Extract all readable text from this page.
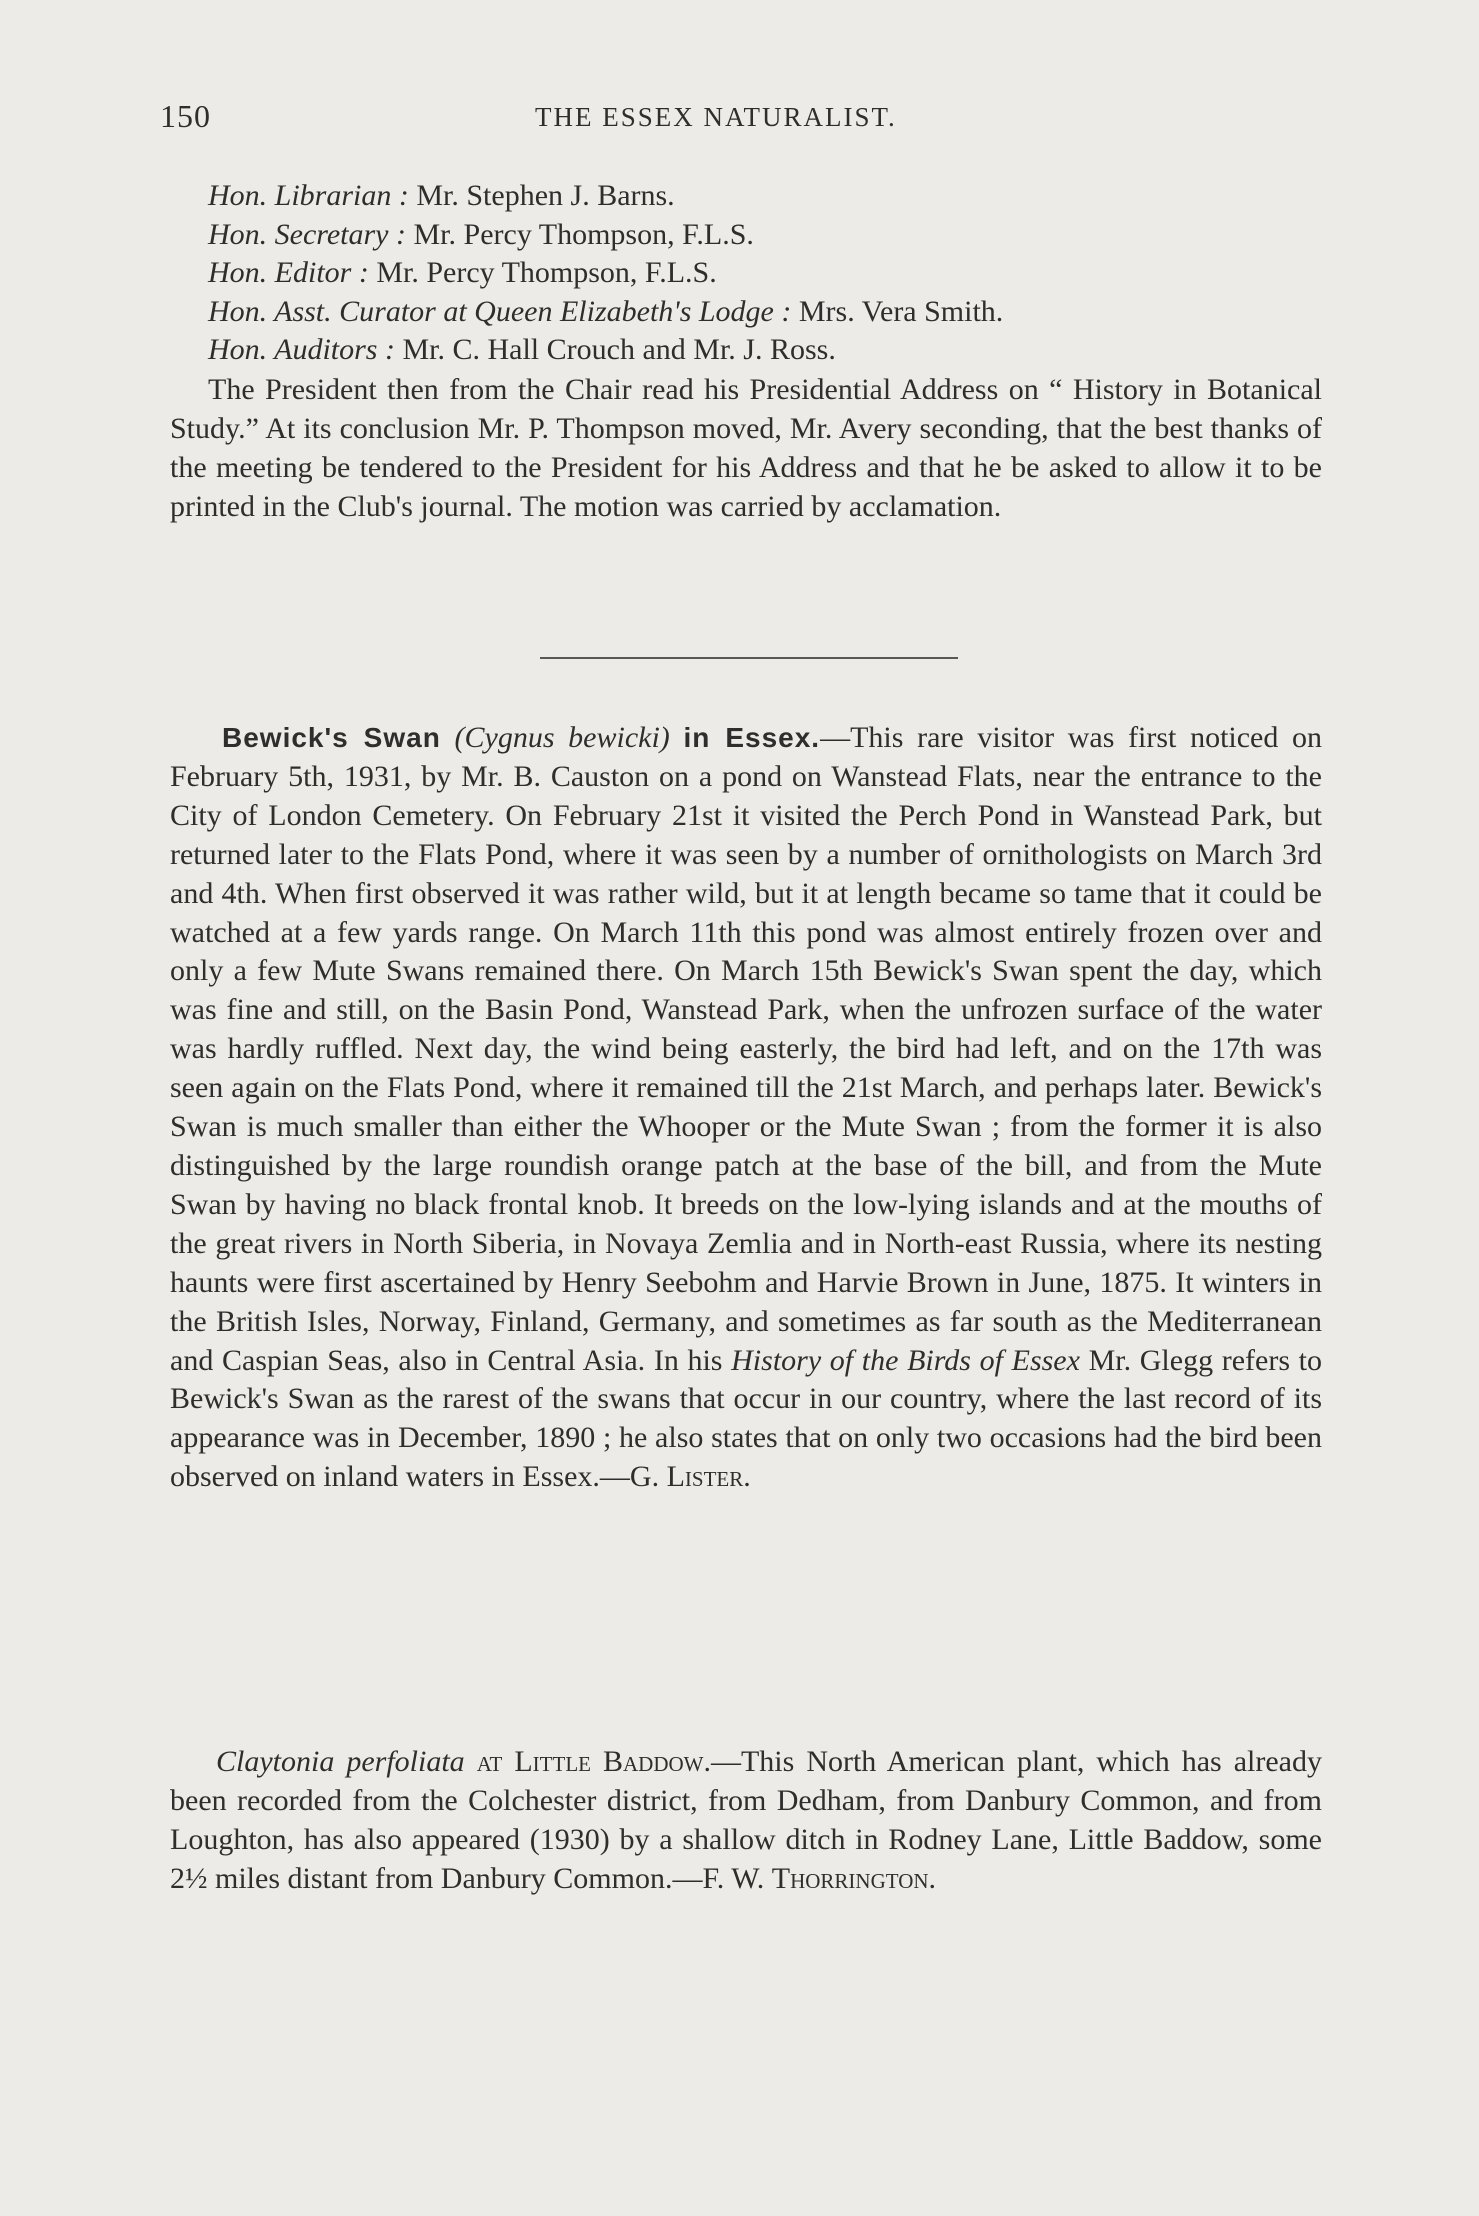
150	THE ESSEX NATURALIST.
Hon. Librarian : Mr. Stephen J. Barns.
Hon. Secretary : Mr. Percy Thompson, F.L.S.
Hon. Editor : Mr. Percy Thompson, F.L.S.
Hon. Asst. Curator at Queen Elizabeth's Lodge : Mrs. Vera Smith.
Hon. Auditors : Mr. C. Hall Crouch and Mr. J. Ross.

The President then from the Chair read his Presidential Address on “ History in Botanical Study.” At its conclusion Mr. P. Thompson moved, Mr. Avery seconding, that the best thanks of the meeting be tendered to the President for his Address and that he be asked to allow it to be printed in the Club's journal. The motion was carried by acclamation.

Bewick's Swan (Cygnus bewicki) in Essex.—This rare visitor was first noticed on February 5th, 1931, by Mr. B. Causton on a pond on Wanstead Flats, near the entrance to the City of London Cemetery. On February 21st it visited the Perch Pond in Wanstead Park, but returned later to the Flats Pond, where it was seen by a number of ornithologists on March 3rd and 4th. When first observed it was rather wild, but it at length became so tame that it could be watched at a few yards range. On March 11th this pond was almost entirely frozen over and only a few Mute Swans remained there. On March 15th Bewick's Swan spent the day, which was fine and still, on the Basin Pond, Wanstead Park, when the unfrozen surface of the water was hardly ruffled. Next day, the wind being easterly, the bird had left, and on the 17th was seen again on the Flats Pond, where it remained till the 21st March, and perhaps later. Bewick's Swan is much smaller than either the Whooper or the Mute Swan ; from the former it is also distinguished by the large roundish orange patch at the base of the bill, and from the Mute Swan by having no black frontal knob. It breeds on the low-lying islands and at the mouths of the great rivers in North Siberia, in Novaya Zemlia and in North-east Russia, where its nesting haunts were first ascertained by Henry Seebohm and Harvie Brown in June, 1875. It winters in the British Isles, Norway, Finland, Germany, and sometimes as far south as the Mediterranean and Caspian Seas, also in Central Asia. In his History of the Birds of Essex Mr. Glegg refers to Bewick's Swan as the rarest of the swans that occur in our country, where the last record of its appearance was in December, 1890 ; he also states that on only two occasions had the bird been observed on inland waters in Essex.—G. Lister.

Claytonia perfoliata at Little Baddow.—This North American plant, which has already been recorded from the Colchester district, from Dedham, from Danbury Common, and from Loughton, has also appeared (1930) by a shallow ditch in Rodney Lane, Little Baddow, some 2½ miles distant from Danbury Common.—F. W. Thorrington.
